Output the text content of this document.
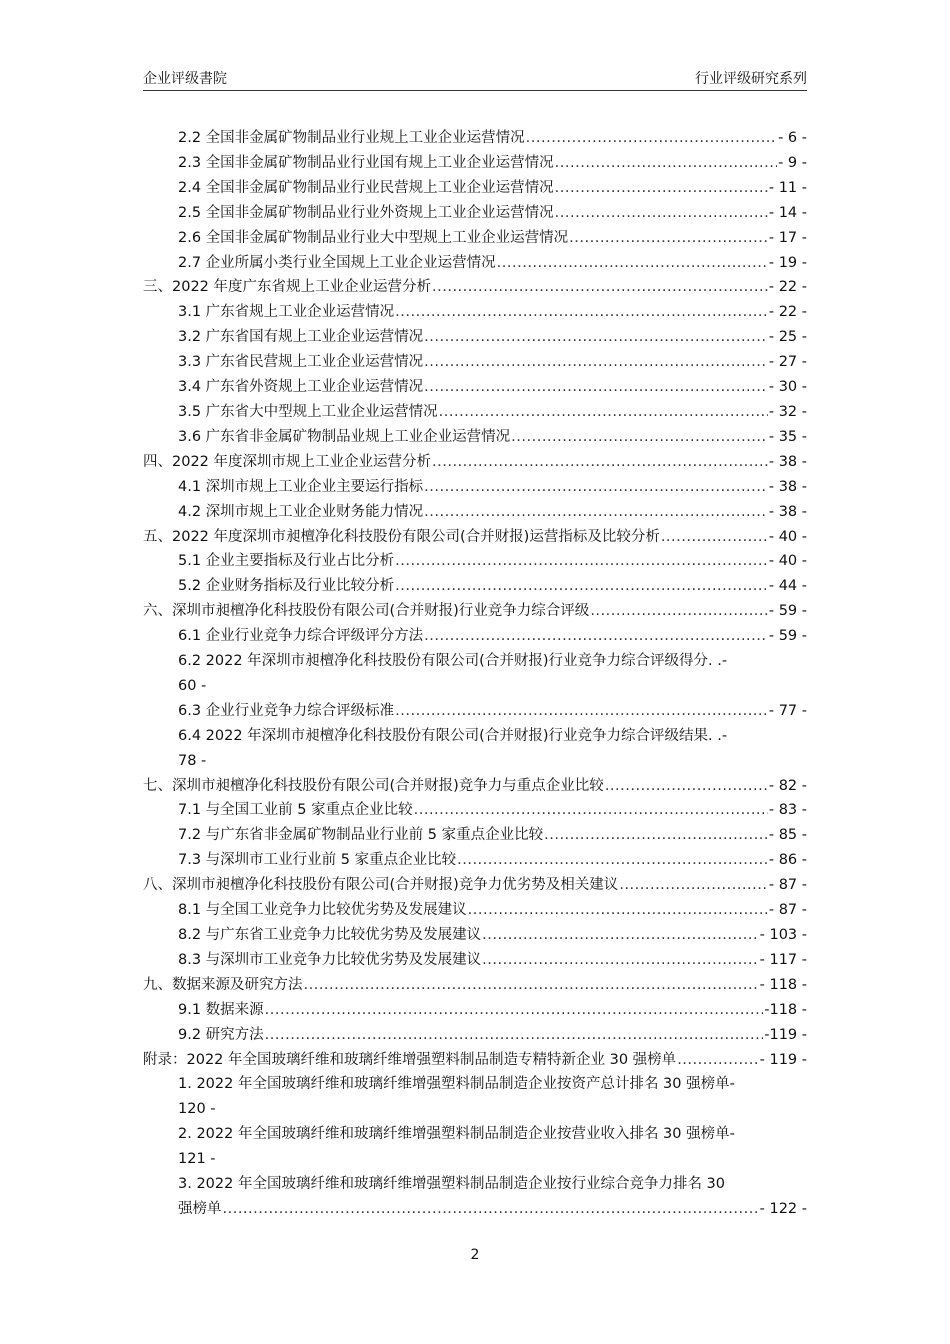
企业评级書院	行业评级研究系列
2.2 全国非金属矿物制品业行业规上工业企业运营情况 .....	- 6 -
2.3 全国非金属矿物制品业行业国有规上工业企业运营情况 .....	- 9 -
2.4 全国非金属矿物制品业行业民营规上工业企业运营情况 .....	- 11 -
2.5 全国非金属矿物制品业行业外资规上工业企业运营情况 .....	- 14 -
2.6 全国非金属矿物制品业行业大中型规上工业企业运营情况 .....	- 17 -
2.7 企业所属小类行业全国规上工业企业运营情况 .....	- 19 -
三、2022 年度广东省规上工业企业运营分析 .....	- 22 -
3.1 广东省规上工业企业运营情况 .....	- 22 -
3.2 广东省国有规上工业企业运营情况 .....	- 25 -
3.3 广东省民营规上工业企业运营情况 .....	- 27 -
3.4 广东省外资规上工业企业运营情况 .....	- 30 -
3.5 广东省大中型规上工业企业运营情况 .....	- 32 -
3.6 广东省非金属矿物制品业规上工业企业运营情况 .....	- 35 -
四、2022 年度深圳市规上工业企业运营分析 .....	- 38 -
4.1 深圳市规上工业企业主要运行指标 .....	- 38 -
4.2 深圳市规上工业企业财务能力情况 .....	- 38 -
五、2022 年度深圳市昶檀净化科技股份有限公司(合并财报)运营指标及比较分析 .....	- 40 -
5.1 企业主要指标及行业占比分析 .....	- 40 -
5.2 企业财务指标及行业比较分析 .....	- 44 -
六、深圳市昶檀净化科技股份有限公司(合并财报)行业竞争力综合评级 .....	- 59 -
6.1 企业行业竞争力综合评级评分方法 .....	- 59 -
6.2 2022 年深圳市昶檀净化科技股份有限公司(合并财报)行业竞争力综合评级得分. .-
60 -
6.3 企业行业竞争力综合评级标准 .....	- 77 -
6.4 2022 年深圳市昶檀净化科技股份有限公司(合并财报)行业竞争力综合评级结果. .-
78 -
七、深圳市昶檀净化科技股份有限公司(合并财报)竞争力与重点企业比较 .....	- 82 -
7.1 与全国工业前 5 家重点企业比较 .....	- 83 -
7.2 与广东省非金属矿物制品业行业前 5 家重点企业比较 .....	- 85 -
7.3 与深圳市工业行业前 5 家重点企业比较 .....	- 86 -
八、深圳市昶檀净化科技股份有限公司(合并财报)竞争力优劣势及相关建议 .....	- 87 -
8.1 与全国工业竞争力比较优劣势及发展建议 .....	- 87 -
8.2 与广东省工业竞争力比较优劣势及发展建议 .....	- 103 -
8.3 与深圳市工业竞争力比较优劣势及发展建议 .....	- 117 -
九、数据来源及研究方法 .....	- 118 -
9.1 数据来源 .....	-118 -
9.2 研究方法 .....	-119 -
附录：2022 年全国玻璃纤维和玻璃纤维增强塑料制品制造专精特新企业 30 强榜单 .....	- 119 -
1. 2022 年全国玻璃纤维和玻璃纤维增强塑料制品制造企业按资产总计排名 30 强榜单-
120 -
2. 2022 年全国玻璃纤维和玻璃纤维增强塑料制品制造企业按营业收入排名 30 强榜单-
121 -
3. 2022 年全国玻璃纤维和玻璃纤维增强塑料制品制造企业按行业综合竞争力排名 30
强榜单 .....	- 122 -
2
